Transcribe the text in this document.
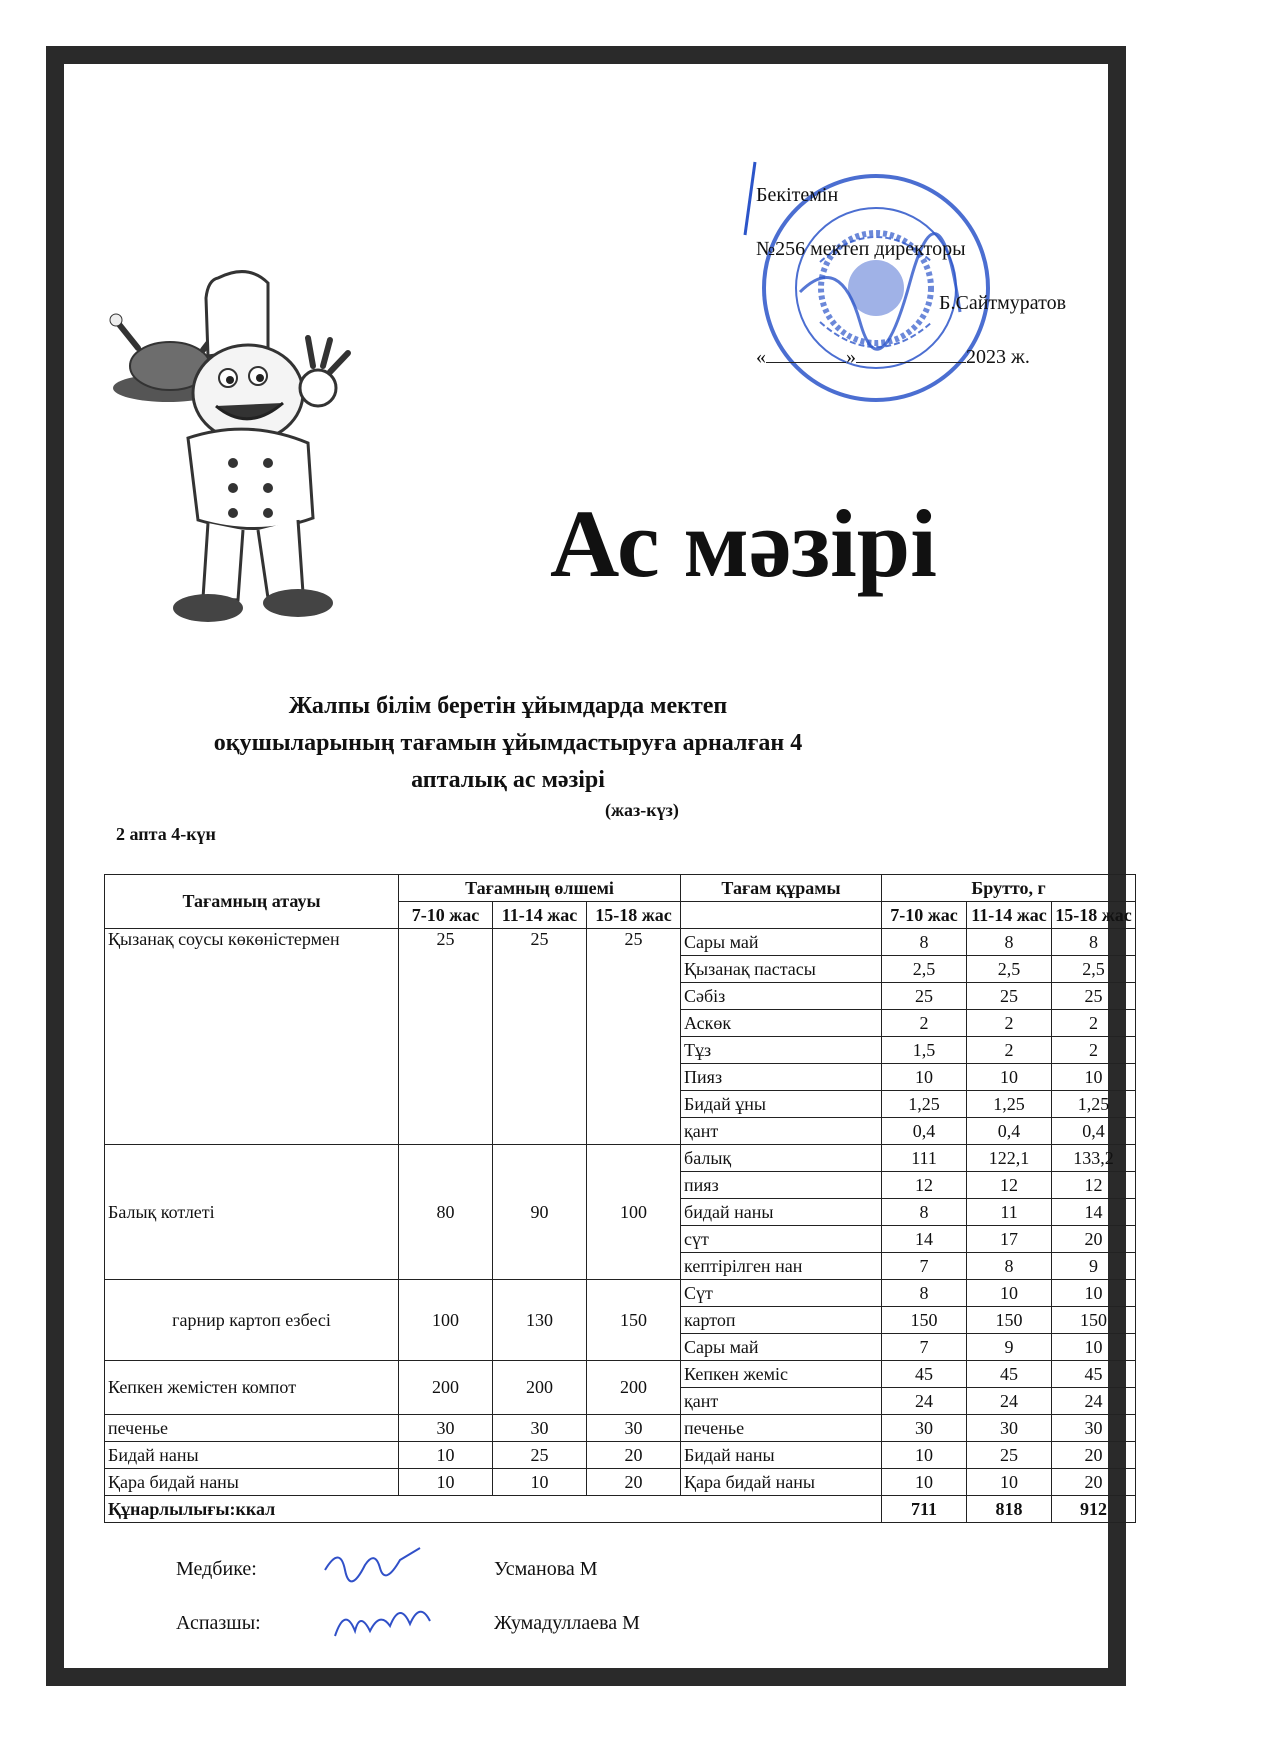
Бекітемін
№256 мектеп директоры
Б.Сайтмуратов
«	»	2023 ж.
Ас мәзірі
Жалпы білім беретін ұйымдарда мектеп
оқушыларының тағамын ұйымдастыруға арналған 4
апталық ас мәзірі
(жаз-күз)
2 апта 4-күн
Тағамның атауы	Тағамның өлшемі			Тағам құрамы	Брутто, г		
	7-10 жас	11-14 жас	15-18 жас		7-10 жас	11-14 жас	15-18 жас
Қызанақ соусы көкөністермен	25	25	25	Сары май	8	8	8
				Қызанақ пастасы	2,5	2,5	2,5
				Сәбіз	25	25	25
				Аскөк	2	2	2
				Тұз	1,5	2	2
				Пияз	10	10	10
				Бидай ұны	1,25	1,25	1,25
				қант	0,4	0,4	0,4
Балық котлеті	80	90	100	балық	111	122,1	133,2
				пияз	12	12	12
				бидай наны	8	11	14
				сүт	14	17	20
				кептірілген нан	7	8	9
гарнир картоп езбесі	100	130	150	Сүт	8	10	10
				картоп	150	150	150
				Сары май	7	9	10
Кепкен жемістен компот	200	200	200	Кепкен жеміс	45	45	45
				қант	24	24	24
печенье	30	30	30	печенье	30	30	30
Бидай наны	10	25	20	Бидай наны	10	25	20
Қара бидай наны	10	10	20	Қара бидай наны	10	10	20
Құнарлылығы:ккал					711	818	912
Медбике:	Усманова М
Аспазшы:	Жумадуллаева М
